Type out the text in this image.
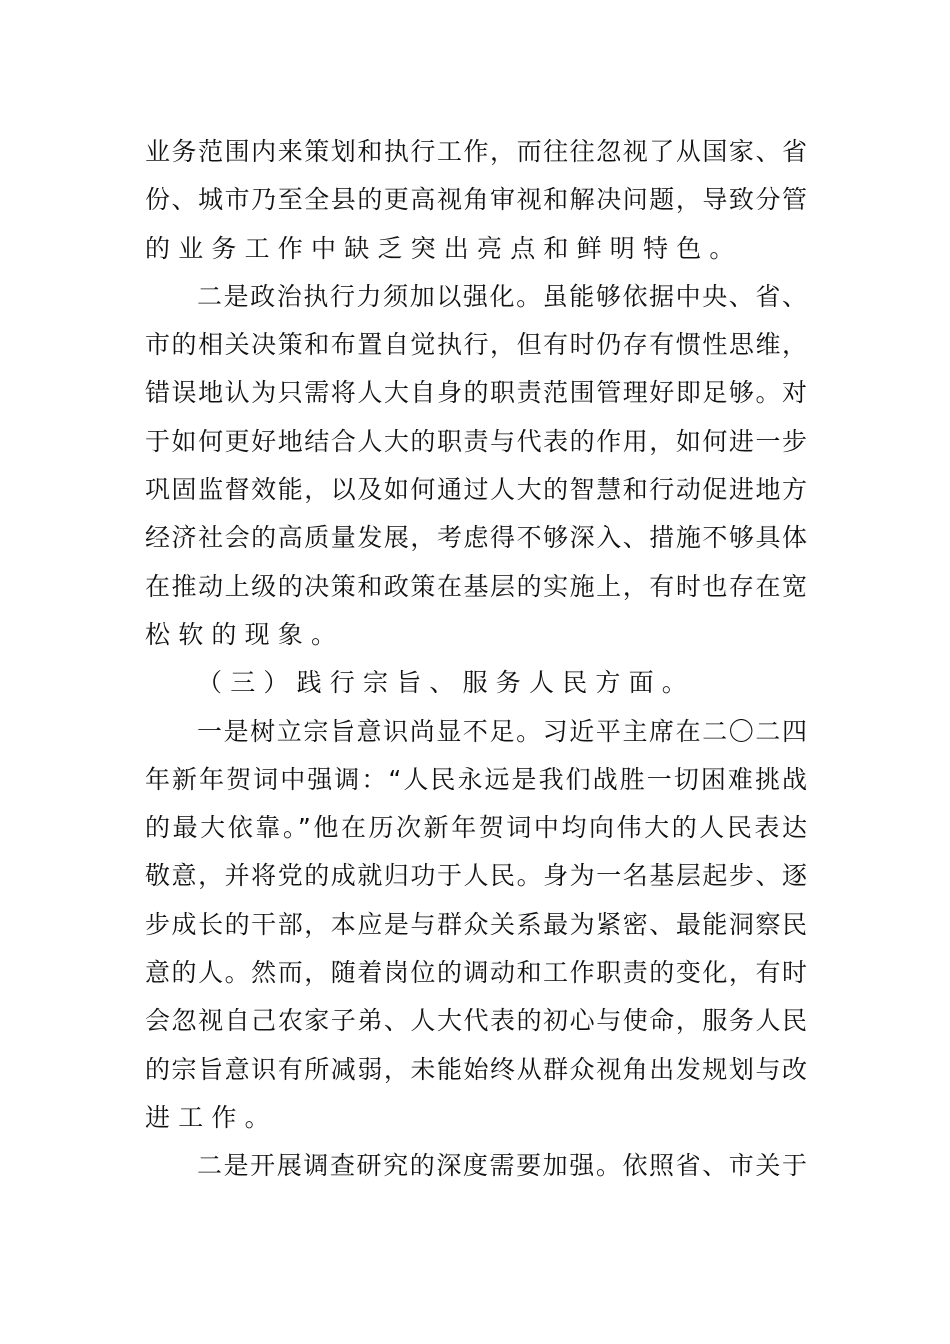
业务范围内来策划和执行工作，而往往忽视了从国家、省
份、城市乃至全县的更高视角审视和解决问题，导致分管
的业务工作中缺乏突出亮点和鲜明特色。
二是政治执行力须加以强化。虽能够依据中央、省、
市的相关决策和布置自觉执行，但有时仍存有惯性思维，
错误地认为只需将人大自身的职责范围管理好即足够。对
于如何更好地结合人大的职责与代表的作用，如何进一步
巩固监督效能，以及如何通过人大的智慧和行动促进地方
经济社会的高质量发展，考虑得不够深入、措施不够具体
在推动上级的决策和政策在基层的实施上，有时也存在宽
松软的现象。
（三）践行宗旨、服务人民方面。
一是树立宗旨意识尚显不足。习近平主席在二〇二四
年新年贺词中强调：“人民永远是我们战胜一切困难挑战
的最大依靠。”他在历次新年贺词中均向伟大的人民表达
敬意，并将党的成就归功于人民。身为一名基层起步、逐
步成长的干部，本应是与群众关系最为紧密、最能洞察民
意的人。然而，随着岗位的调动和工作职责的变化，有时
会忽视自己农家子弟、人大代表的初心与使命，服务人民
的宗旨意识有所减弱，未能始终从群众视角出发规划与改
进工作。
二是开展调查研究的深度需要加强。依照省、市关于
